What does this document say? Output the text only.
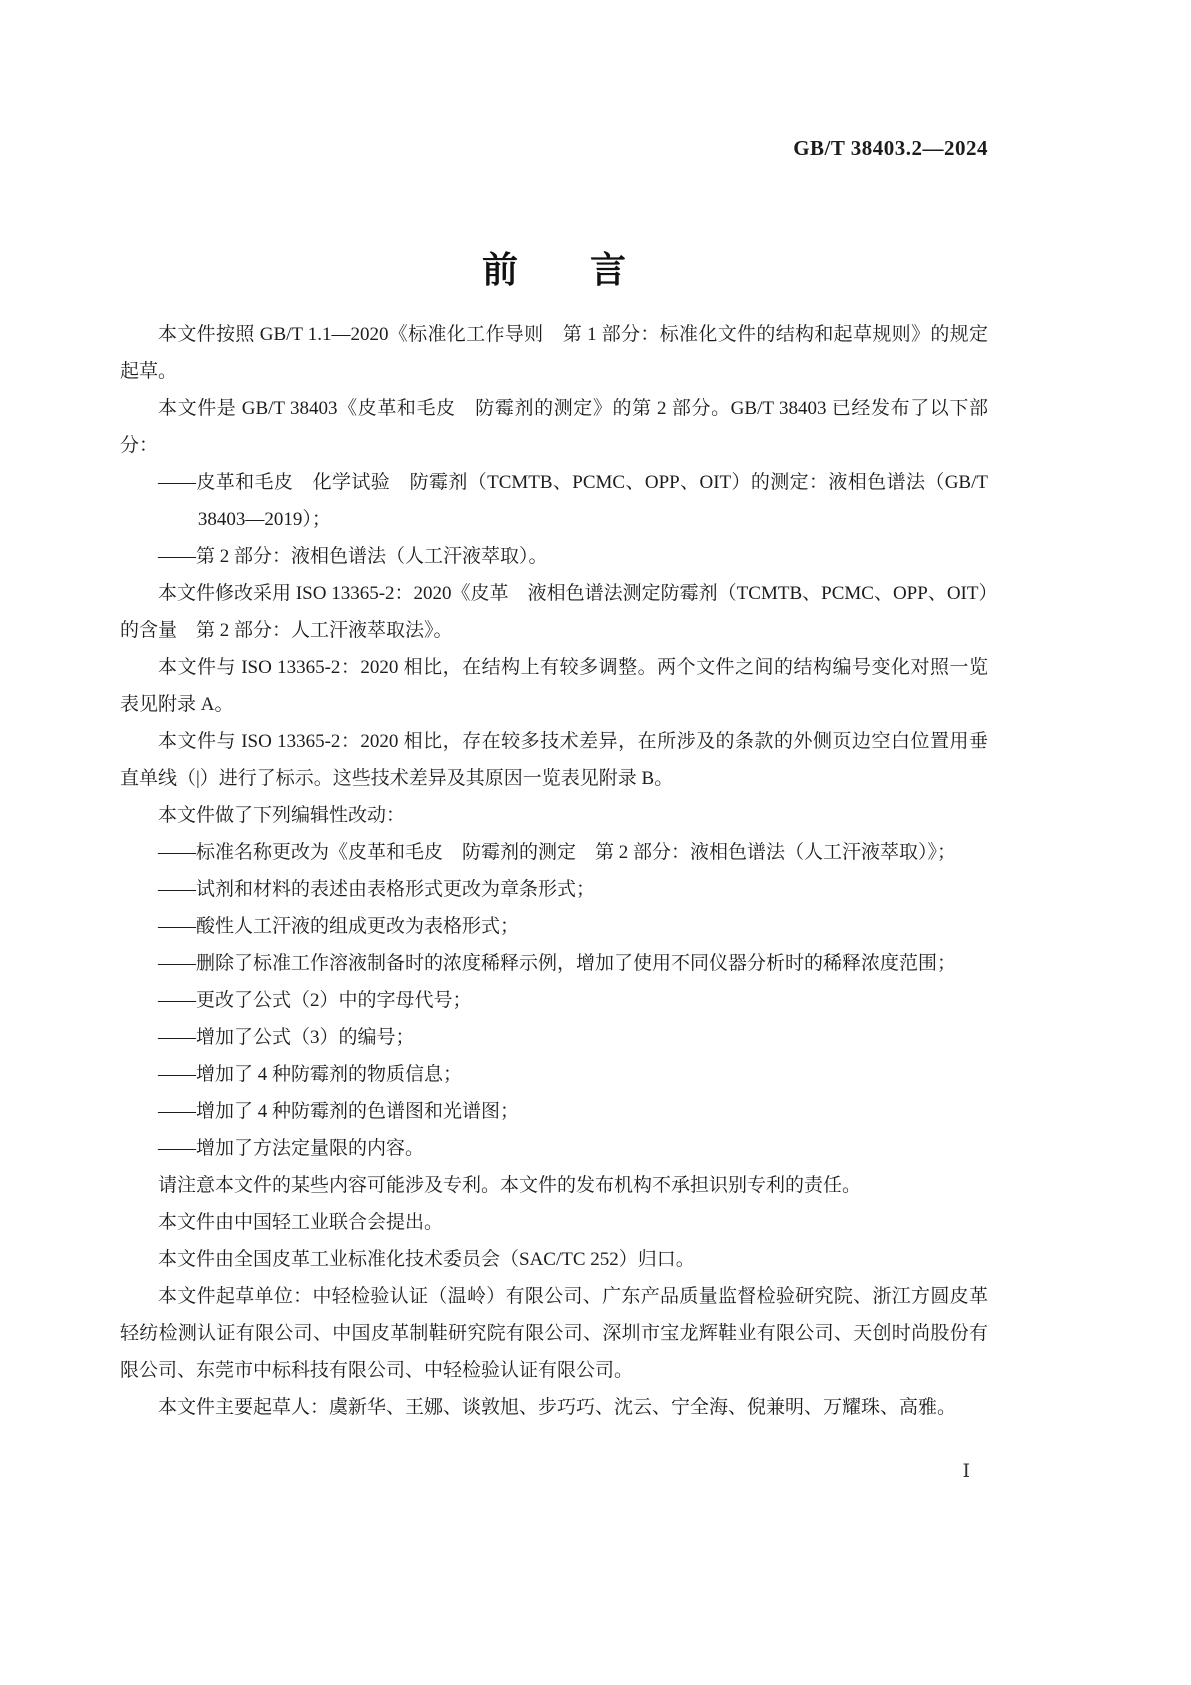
GB/T 38403.2—2024
前　　言

本文件按照 GB/T 1.1—2020《标准化工作导则　第 1 部分：标准化文件的结构和起草规则》的规定起草。

本文件是 GB/T 38403《皮革和毛皮　防霉剂的测定》的第 2 部分。GB/T 38403 已经发布了以下部分：

——皮革和毛皮　化学试验　防霉剂（TCMTB、PCMC、OPP、OIT）的测定：液相色谱法（GB/T 38403—2019）；

——第 2 部分：液相色谱法（人工汗液萃取）。

本文件修改采用 ISO 13365-2：2020《皮革　液相色谱法测定防霉剂（TCMTB、PCMC、OPP、OIT）的含量　第 2 部分：人工汗液萃取法》。

本文件与 ISO 13365-2：2020 相比，在结构上有较多调整。两个文件之间的结构编号变化对照一览表见附录 A。

本文件与 ISO 13365-2：2020 相比，存在较多技术差异，在所涉及的条款的外侧页边空白位置用垂直单线（|）进行了标示。这些技术差异及其原因一览表见附录 B。

本文件做了下列编辑性改动：

——标准名称更改为《皮革和毛皮　防霉剂的测定　第 2 部分：液相色谱法（人工汗液萃取）》；

——试剂和材料的表述由表格形式更改为章条形式；

——酸性人工汗液的组成更改为表格形式；

——删除了标准工作溶液制备时的浓度稀释示例，增加了使用不同仪器分析时的稀释浓度范围；

——更改了公式（2）中的字母代号；

——增加了公式（3）的编号；

——增加了 4 种防霉剂的物质信息；

——增加了 4 种防霉剂的色谱图和光谱图；

——增加了方法定量限的内容。

请注意本文件的某些内容可能涉及专利。本文件的发布机构不承担识别专利的责任。

本文件由中国轻工业联合会提出。

本文件由全国皮革工业标准化技术委员会（SAC/TC 252）归口。

本文件起草单位：中轻检验认证（温岭）有限公司、广东产品质量监督检验研究院、浙江方圆皮革轻纺检测认证有限公司、中国皮革制鞋研究院有限公司、深圳市宝龙辉鞋业有限公司、天创时尚股份有限公司、东莞市中标科技有限公司、中轻检验认证有限公司。

本文件主要起草人：虞新华、王娜、谈敦旭、步巧巧、沈云、宁全海、倪兼明、万耀珠、高雅。

Ⅰ
